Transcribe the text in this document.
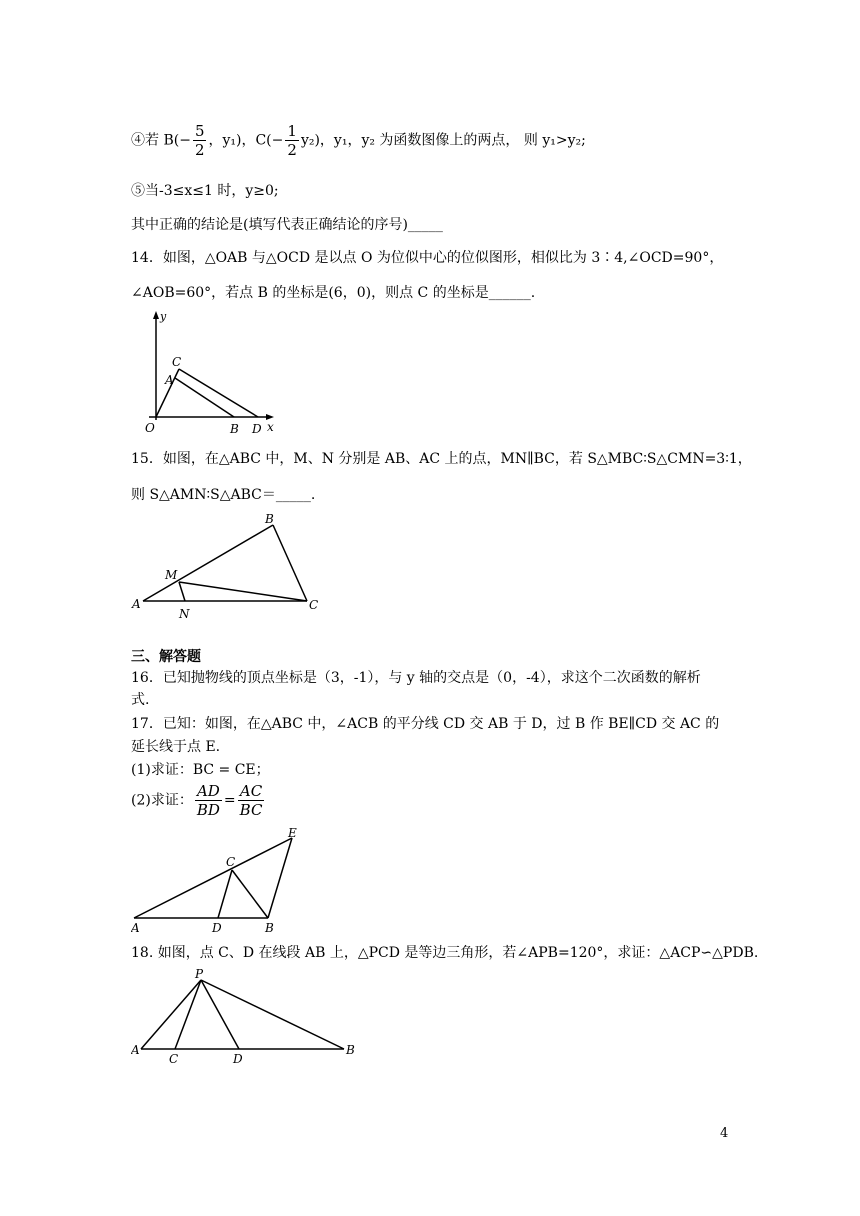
④若 $B(- \frac{5}{2}$ ，y₁)，$C(- \frac{1}{2} y_2)$，y₁，y₂ 为函数图像上的两点， 则 y₁>y₂;
⑤当-3≤x≤1 时，y≥0;
其中正确的结论是(填写代表正确结论的序号)_____
14．如图，△OAB 与△OCD 是以点 O 为位似中心的位似图形，相似比为 3∶4,∠OCD=90°，
∠AOB=60°，若点 B 的坐标是(6，0)，则点 C 的坐标是______.
y
x
O
C
A
B D
15．如图，在△ABC 中，M、N 分别是 AB、AC 上的点，MN∥BC，若 S△MBC∶S△CMN=3∶1，
则 S△AMN∶S△ABC＝_____.
A
B
C
M
N
三、解答题
16．已知抛物线的顶点坐标是（3，-1），与 y 轴的交点是（0，-4），求这个二次函数的解析
式.
17．已知：如图，在△ABC 中，∠ACB 的平分线 CD 交 AB 于 D，过 B 作 BE∥CD 交 AC 的
延长线于点 E.
(1)求证：BC = CE；
(2)求证： $\frac{AD}{BD} = \frac{AC}{BC}$
A	B
C
D
E
18. 如图，点 C、D 在线段 AB 上，△PCD 是等边三角形，若∠APB=120°，求证：△ACP∽△PDB.
P
A
C	D
B
4
